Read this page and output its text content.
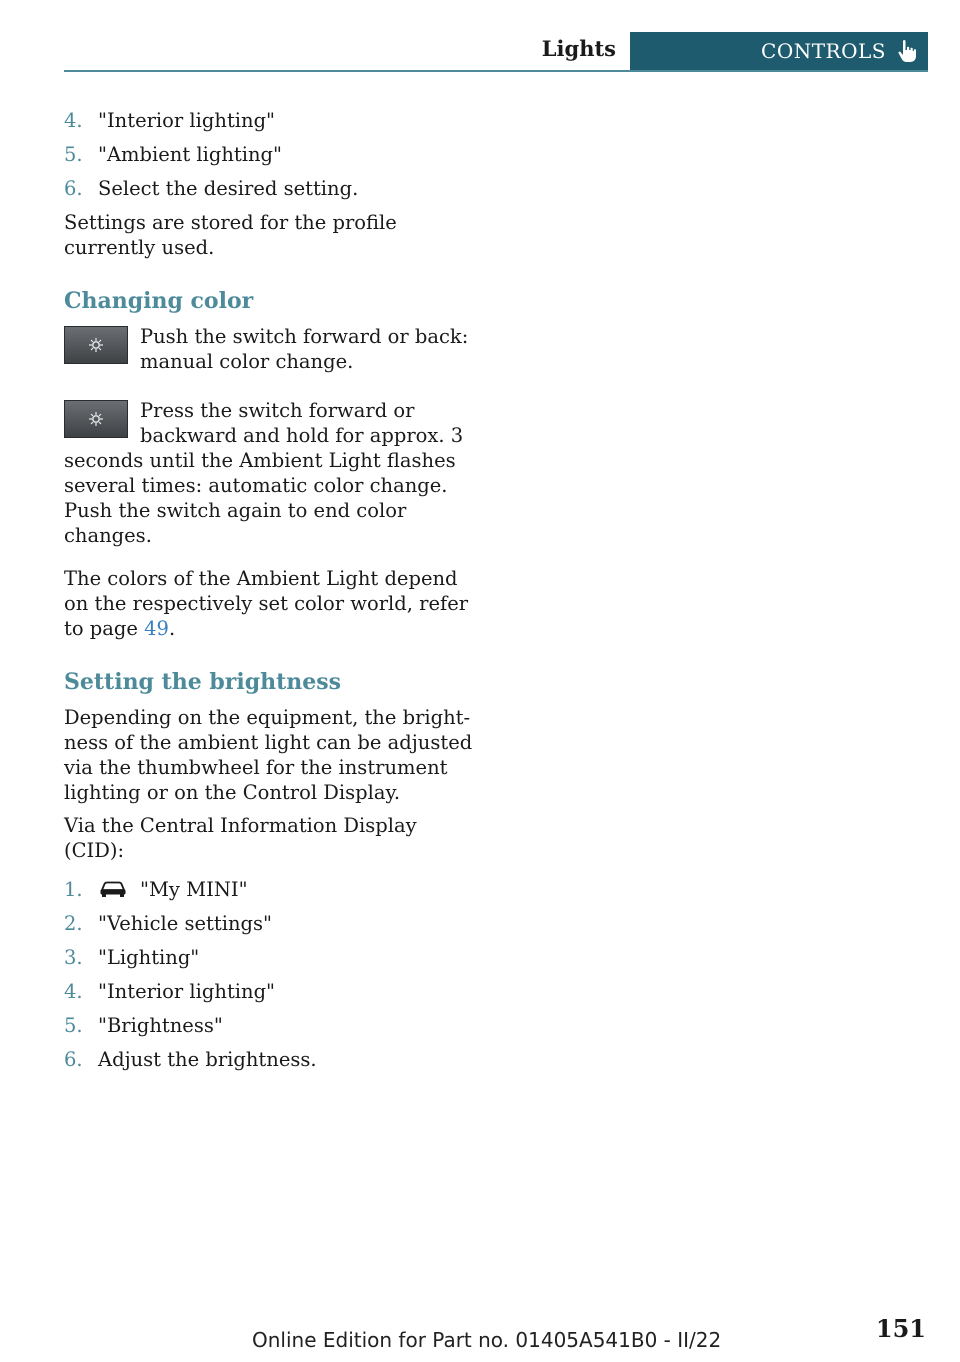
Lights	CONTROLS
4. "Interior lighting"
5. "Ambient lighting"
6. Select the desired setting.

Settings are stored for the profile currently used.

Changing color

Push the switch forward or back: manual color change.

Press the switch forward or backward and hold for approx. 3 seconds until the Ambient Light flashes several times: automatic color change. Push the switch again to end color changes.

The colors of the Ambient Light depend on the respectively set color world, refer to page 49.

Setting the brightness

Depending on the equipment, the brightness of the ambient light can be adjusted via the thumbwheel for the instrument lighting or on the Control Display.

Via the Central Information Display (CID):

1.	"My MINI"
2. "Vehicle settings"
3. "Lighting"
4. "Interior lighting"
5. "Brightness"
6. Adjust the brightness.
151
Online Edition for Part no. 01405A541B0 - II/22
